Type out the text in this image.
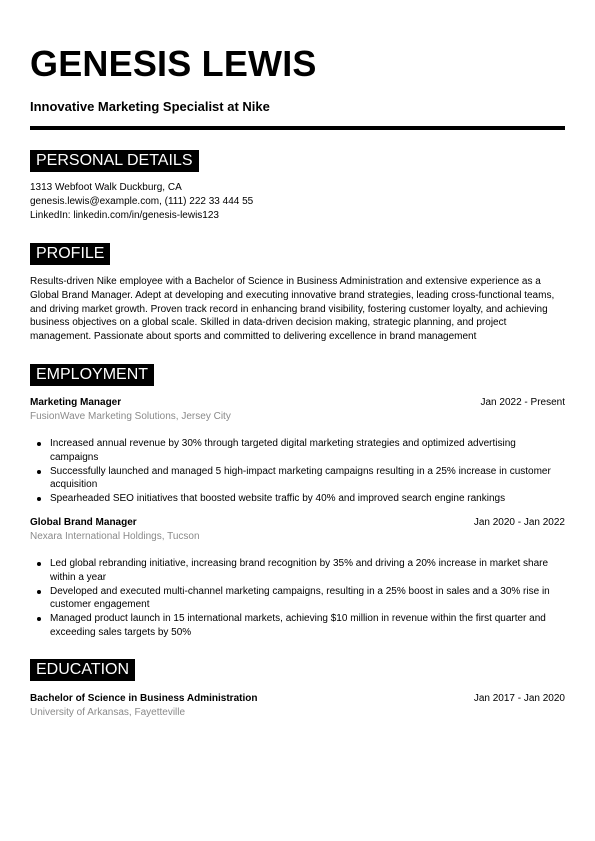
GENESIS LEWIS
Innovative Marketing Specialist at Nike
PERSONAL DETAILS
1313 Webfoot Walk Duckburg, CA
genesis.lewis@example.com, (111) 222 33 444 55
LinkedIn: linkedin.com/in/genesis-lewis123
PROFILE
Results-driven Nike employee with a Bachelor of Science in Business Administration and extensive experience as a Global Brand Manager. Adept at developing and executing innovative brand strategies, leading cross-functional teams, and driving market growth. Proven track record in enhancing brand visibility, fostering customer loyalty, and achieving business objectives on a global scale. Skilled in data-driven decision making, strategic planning, and project management. Passionate about sports and committed to delivering excellence in brand management
EMPLOYMENT
Marketing Manager	Jan 2022 - Present
FusionWave Marketing Solutions, Jersey City
Increased annual revenue by 30% through targeted digital marketing strategies and optimized advertising campaigns
Successfully launched and managed 5 high-impact marketing campaigns resulting in a 25% increase in customer acquisition
Spearheaded SEO initiatives that boosted website traffic by 40% and improved search engine rankings
Global Brand Manager	Jan 2020 - Jan 2022
Nexara International Holdings, Tucson
Led global rebranding initiative, increasing brand recognition by 35% and driving a 20% increase in market share within a year
Developed and executed multi-channel marketing campaigns, resulting in a 25% boost in sales and a 30% rise in customer engagement
Managed product launch in 15 international markets, achieving $10 million in revenue within the first quarter and exceeding sales targets by 50%
EDUCATION
Bachelor of Science in Business Administration	Jan 2017 - Jan 2020
University of Arkansas, Fayetteville
